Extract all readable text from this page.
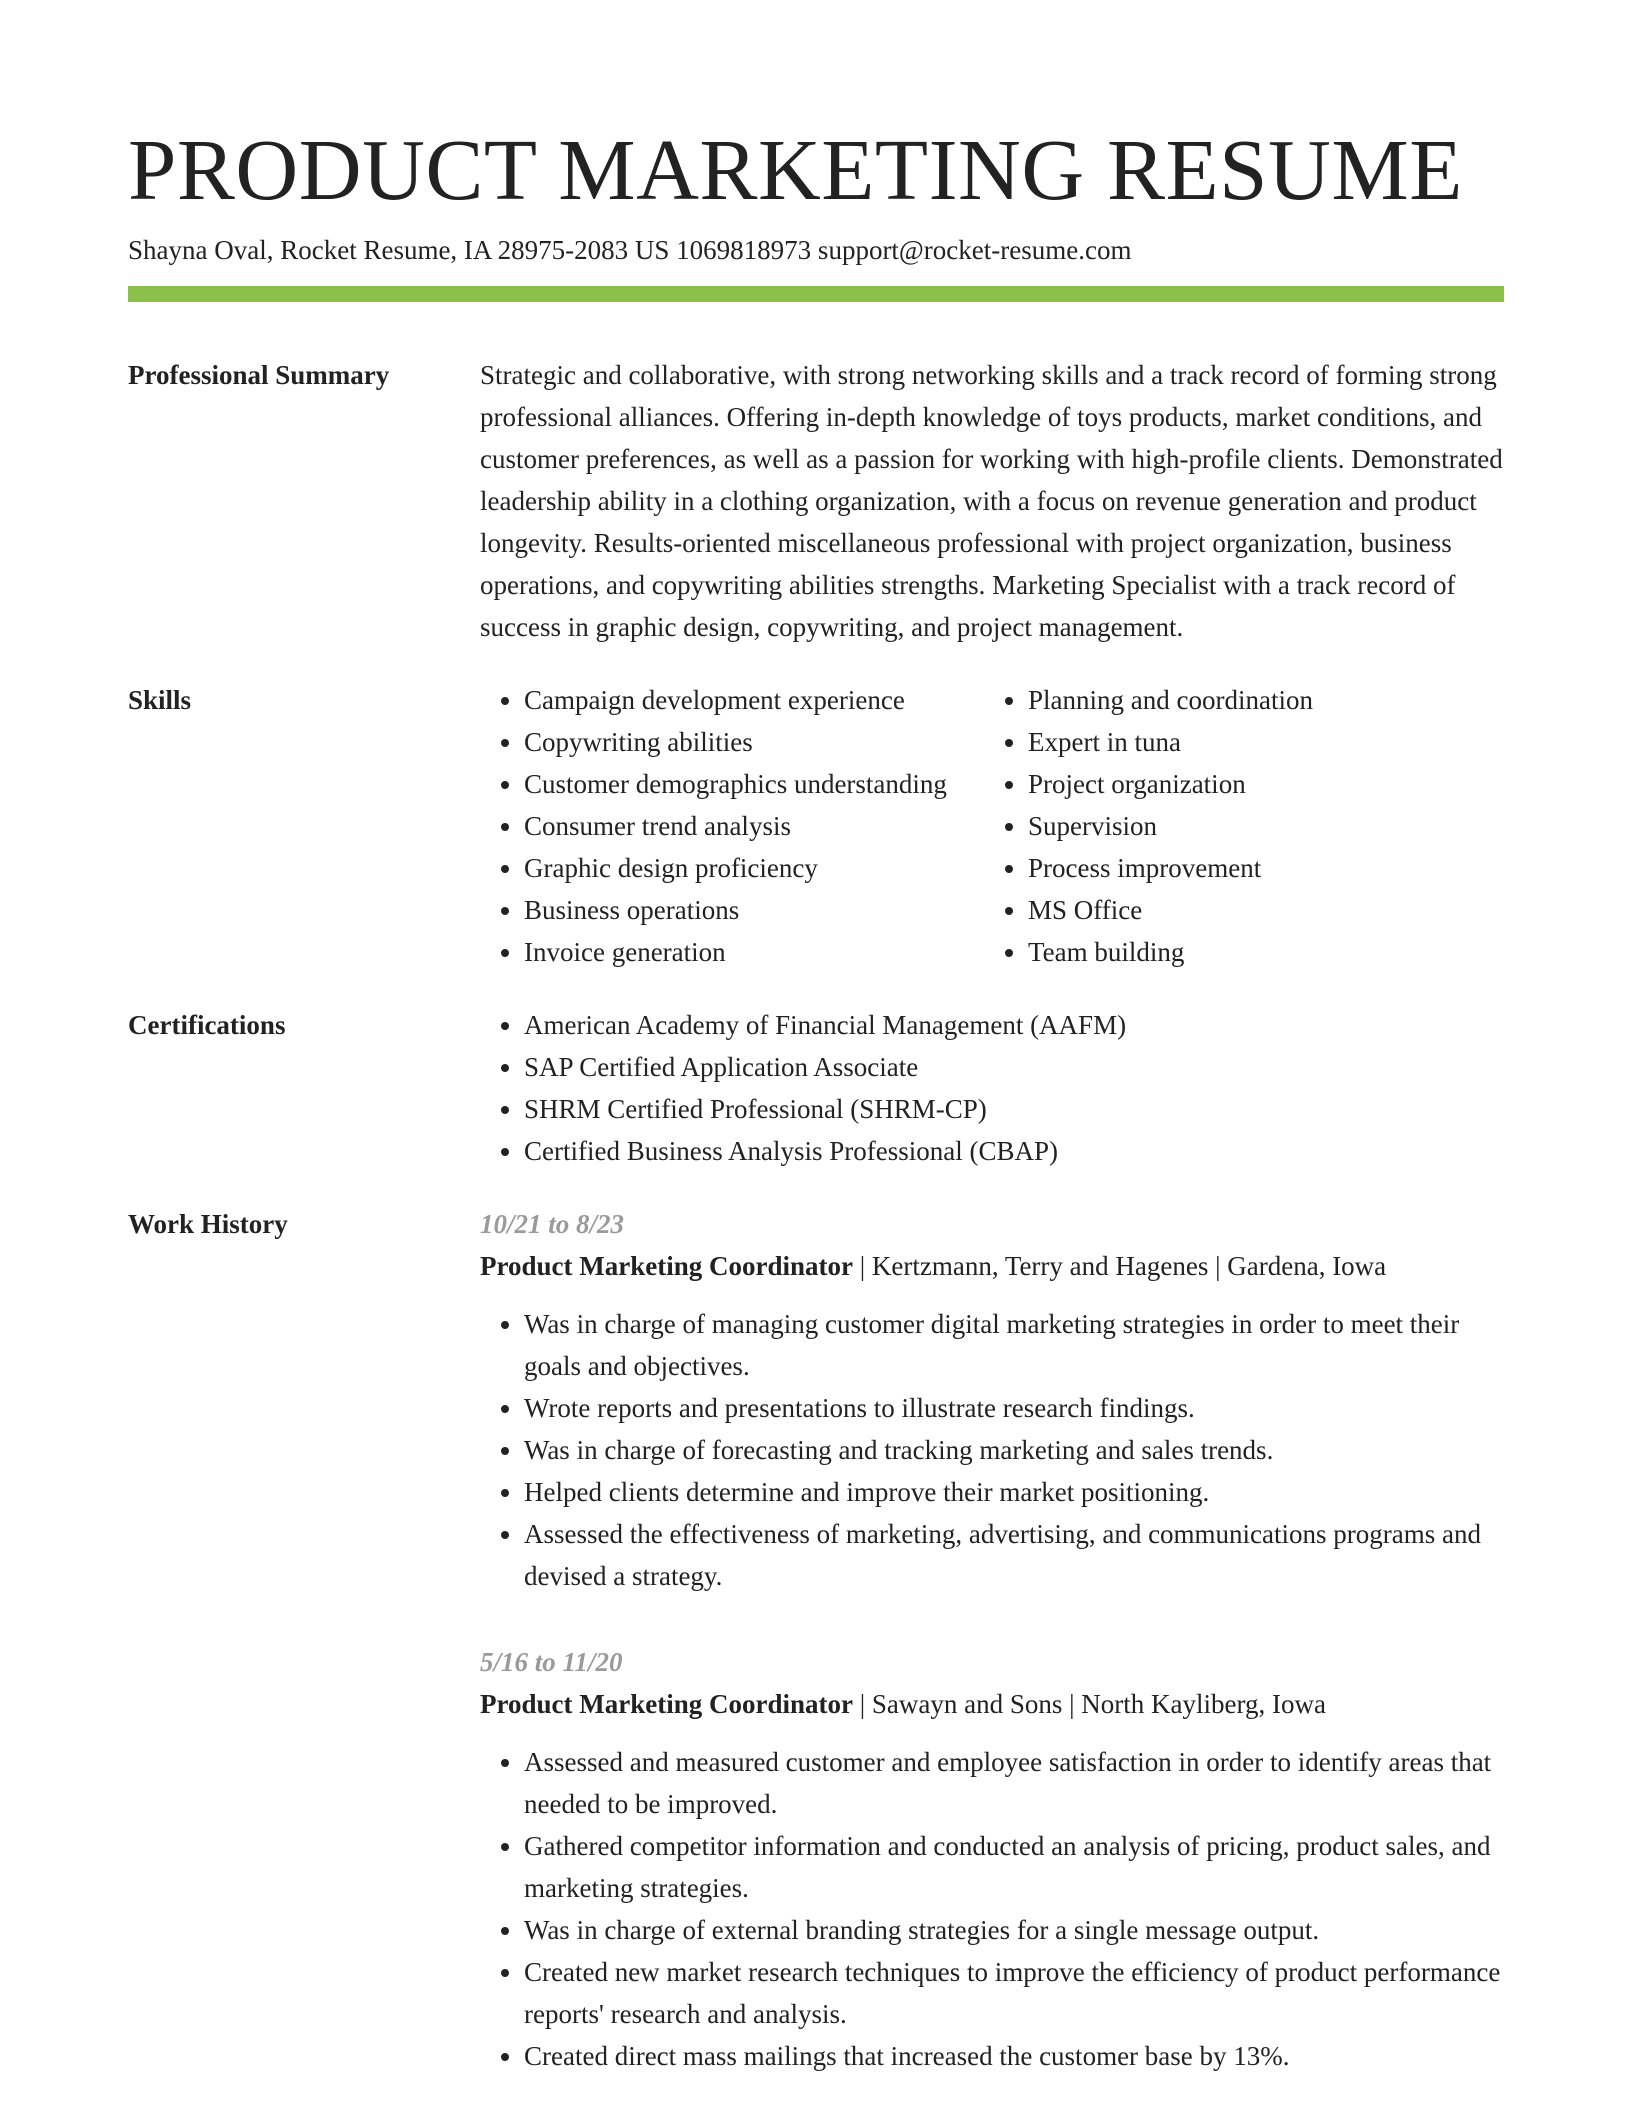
PRODUCT MARKETING RESUME
Shayna Oval, Rocket Resume, IA 28975-2083 US 1069818973 support@rocket-resume.com
Professional Summary	Strategic and collaborative, with strong networking skills and a track record of forming strong professional alliances. Offering in-depth knowledge of toys products, market conditions, and customer preferences, as well as a passion for working with high-profile clients. Demonstrated leadership ability in a clothing organization, with a focus on revenue generation and product longevity. Results-oriented miscellaneous professional with project organization, business operations, and copywriting abilities strengths. Marketing Specialist with a track record of success in graphic design, copywriting, and project management.

Skills	• Campaign development experience
• Copywriting abilities
• Customer demographics understanding
• Consumer trend analysis
• Graphic design proficiency
• Business operations
• Invoice generation
• Planning and coordination
• Expert in tuna
• Project organization
• Supervision
• Process improvement
• MS Office
• Team building
Certifications	• American Academy of Financial Management (AAFM)
• SAP Certified Application Associate
• SHRM Certified Professional (SHRM-CP)
• Certified Business Analysis Professional (CBAP)
Work History	10/21 to 8/23
Product Marketing Coordinator | Kertzmann, Terry and Hagenes | Gardena, Iowa
• Was in charge of managing customer digital marketing strategies in order to meet their goals and objectives.
• Wrote reports and presentations to illustrate research findings.
• Was in charge of forecasting and tracking marketing and sales trends.
• Helped clients determine and improve their market positioning.
• Assessed the effectiveness of marketing, advertising, and communications programs and devised a strategy.
5/16 to 11/20
Product Marketing Coordinator | Sawayn and Sons | North Kayliberg, Iowa
• Assessed and measured customer and employee satisfaction in order to identify areas that needed to be improved.
• Gathered competitor information and conducted an analysis of pricing, product sales, and marketing strategies.
• Was in charge of external branding strategies for a single message output.
• Created new market research techniques to improve the efficiency of product performance reports' research and analysis.
• Created direct mass mailings that increased the customer base by 13%.
